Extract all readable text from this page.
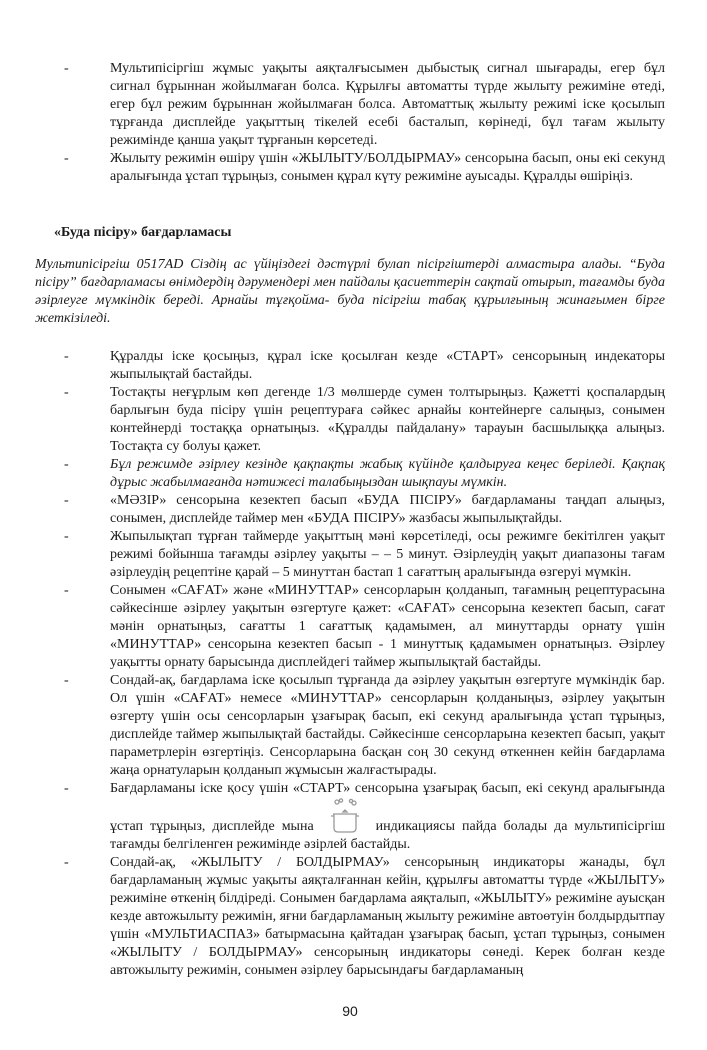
-	Мультипісіргіш жұмыс уақыты аяқталғысымен дыбыстық сигнал шығарады, егер бұл сигнал бұрыннан жойылмаған болса. Құрылғы автоматты түрде жылыту режиміне өтеді, егер бұл режим бұрыннан жойылмаған болса. Автоматтық жылыту режимі іске қосылып тұрғанда дисплейде уақыттың тікелей есебі басталып, көрінеді, бұл тағам жылыту режимінде қанша уақыт тұрғанын көрсетеді.
-	Жылыту режимін өшіру үшін «ЖЫЛЫТУ/БОЛДЫРМАУ» сенсорына басып, оны екі секунд аралығында ұстап тұрыңыз, сонымен құрал күту режиміне ауысады. Құралды өшіріңіз.
«Буда пісіру» бағдарламасы
Мультипісіргіш 0517AD Сіздің ас үйіңіздегі дәстүрлі булап пісіргіштерді алмастыра алады. “Буда пісіру” бағдарламасы өнімдердің дәрумендері мен пайдалы қасиеттерін сақтай отырып, тағамды буда әзірлеуге мүмкіндік береді. Арнайы тұғқойма- буда пісіргіш табақ құрылғының жинағымен бірге жеткізіледі.
-	Құралды іске қосыңыз, құрал іске қосылған кезде «СТАРТ» сенсорының индекаторы жыпылықтай бастайды.
-	Тостақты неғұрлым көп дегенде 1/3 мөлшерде сумен толтырыңыз. Қажетті қоспалардың барлығын буда пісіру үшін рецептураға сәйкес арнайы контейнерге салыңыз, сонымен контейнерді тостаққа орнатыңыз. «Құралды пайдалану» тарауын басшылыққа алыңыз. Тостақта су болуы қажет.
-	Бұл режимде әзірлеу кезінде қақпақты жабық күйінде қалдыруға кеңес беріледі. Қақпақ дұрыс жабылмағанда нәтижесі талабыңыздан шықпауы мүмкін.
-	«МӘЗІР» сенсорына кезектеп басып «БУДА ПІСІРУ» бағдарламаны таңдап алыңыз, сонымен, дисплейде таймер мен «БУДА ПІСІРУ» жазбасы жыпылықтайды.
-	Жыпылықтап тұрған таймерде уақыттың мәні көрсетіледі, осы режимге бекітілген уақыт режимі бойынша тағамды әзірлеу уақыты – – 5 минут. Әзірлеудің уақыт диапазоны тағам әзірлеудің рецептіне қарай – 5 минуттан бастап 1 сағаттың аралығында өзгеруі мүмкін.
-	Сонымен «САҒАТ» және «МИНУТТАР» сенсорларын қолданып, тағамның рецептурасына сәйкесінше әзірлеу уақытын өзгертуге қажет: «САҒАТ» сенсорына кезектеп басып, сағат мәнін орнатыңыз, сағатты 1 сағаттық қадамымен, ал минуттарды орнату үшін «МИНУТТАР» сенсорына кезектеп басып - 1 минуттық қадамымен орнатыңыз. Әзірлеу уақытты орнату барысында дисплейдегі таймер жыпылықтай бастайды.
-	Сондай-ақ, бағдарлама іске қосылып тұрғанда да әзірлеу уақытын өзгертуге мүмкіндік бар. Ол үшін «САҒАТ» немесе «МИНУТТАР» сенсорларын қолданыңыз, әзірлеу уақытын өзгерту үшін осы сенсорларын ұзағырақ басып, екі секунд аралығында ұстап тұрыңыз, дисплейде таймер жыпылықтай бастайды. Сәйкесінше сенсорларына кезектеп басып, уақыт параметрлерін өзгертіңіз. Сенсорларына басқан соң 30 секунд өткеннен кейін бағдарлама жаңа орнатуларын қолданып жұмысын жалғастырады.
-	Бағдарламаны іске қосу үшін «СТАРТ» сенсорына ұзағырақ басып, екі секунд аралығында ұстап тұрыңыз, дисплейде мына	индикациясы пайда болады да мультипісіргіш тағамды белгіленген режимінде әзірлей бастайды.
-	Сондай-ақ, «ЖЫЛЫТУ / БОЛДЫРМАУ» сенсорының индикаторы жанады, бұл бағдарламаның жұмыс уақыты аяқталғаннан кейін, құрылғы автоматты түрде «ЖЫЛЫТУ» режиміне өткенің білдіреді. Сонымен бағдарлама аяқталып, «ЖЫЛЫТУ» режиміне ауысқан кезде автожылыту режимін, яғни бағдарламаның жылыту режиміне автоөтуін болдырдытпау үшін «МУЛЬТИАСПАЗ» батырмасына қайтадан ұзағырақ басып, ұстап тұрыңыз, сонымен «ЖЫЛЫТУ / БОЛДЫРМАУ» сенсорының индикаторы сөнеді. Керек болған кезде автожылыту режимін, сонымен әзірлеу барысындағы бағдарламаның
90
